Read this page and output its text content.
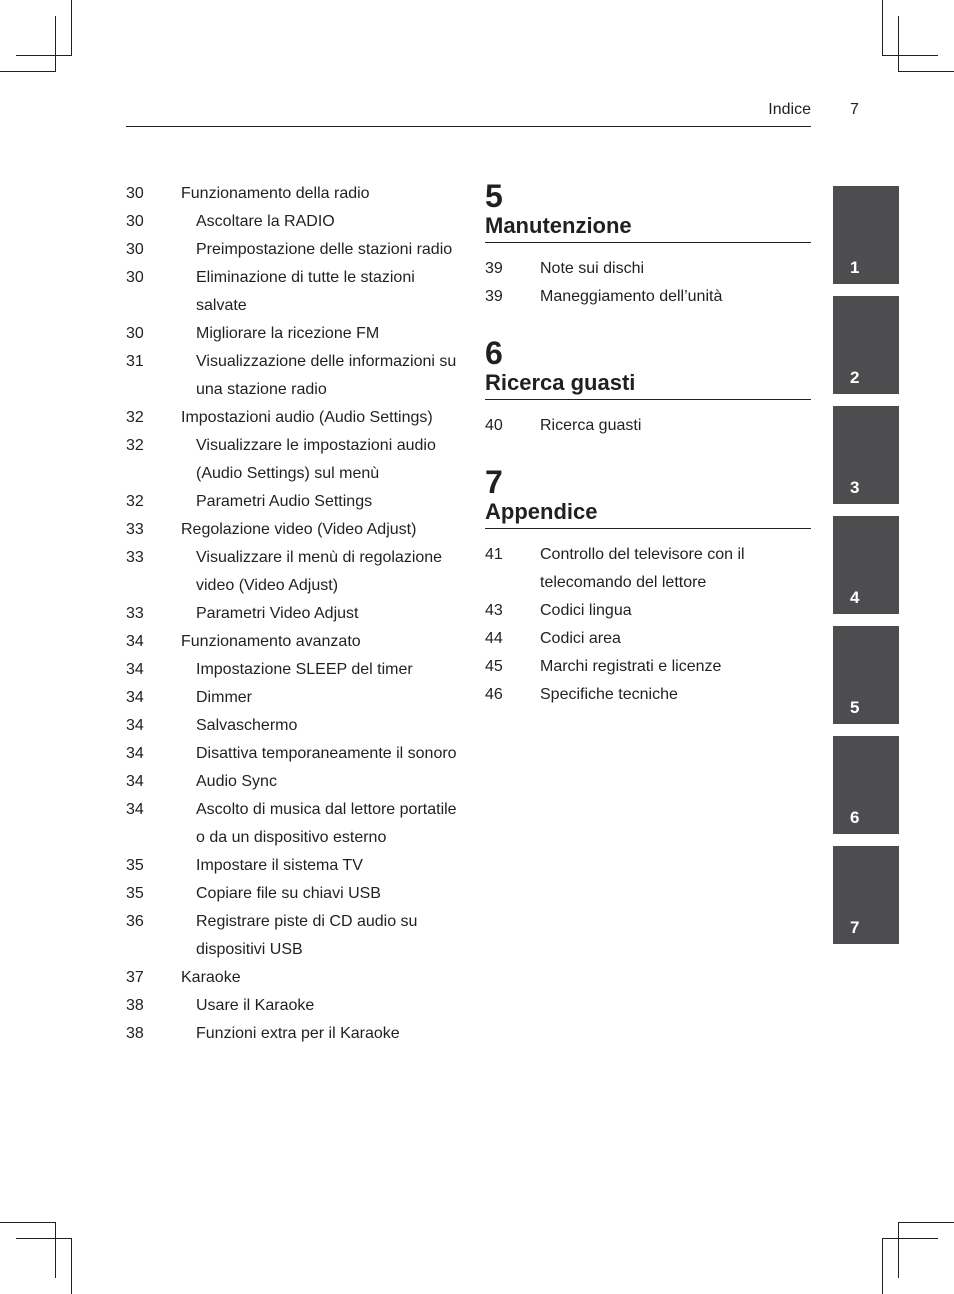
Indice 7
30 Funzionamento della radio
30	Ascoltare la RADIO
30	Preimpostazione delle stazioni radio
30	Eliminazione di tutte le stazioni salvate
30	Migliorare la ricezione FM
31	Visualizzazione delle informazioni su una stazione radio
32 Impostazioni audio (Audio Settings)
32	Visualizzare le impostazioni audio (Audio Settings) sul menù
32	Parametri Audio Settings
33 Regolazione video (Video Adjust)
33	Visualizzare il menù di regolazione video (Video Adjust)
33	Parametri Video Adjust
34 Funzionamento avanzato
34	Impostazione SLEEP del timer
34	Dimmer
34	Salvaschermo
34	Disattiva temporaneamente il sonoro
34	Audio Sync
34	Ascolto di musica dal lettore portatile o da un dispositivo esterno
35	Impostare il sistema TV
35	Copiare file su chiavi USB
36	Registrare piste di CD audio su dispositivi USB
37 Karaoke
38	Usare il Karaoke
38	Funzioni extra per il Karaoke
5
Manutenzione
39 Note sui dischi
39 Maneggiamento dell’unità
6
Ricerca guasti
40 Ricerca guasti
7
Appendice
41 Controllo del televisore con il telecomando del lettore
43 Codici lingua
44 Codici area
45 Marchi registrati e licenze
46 Specifiche tecniche
1
2
3
4
5
6
7
